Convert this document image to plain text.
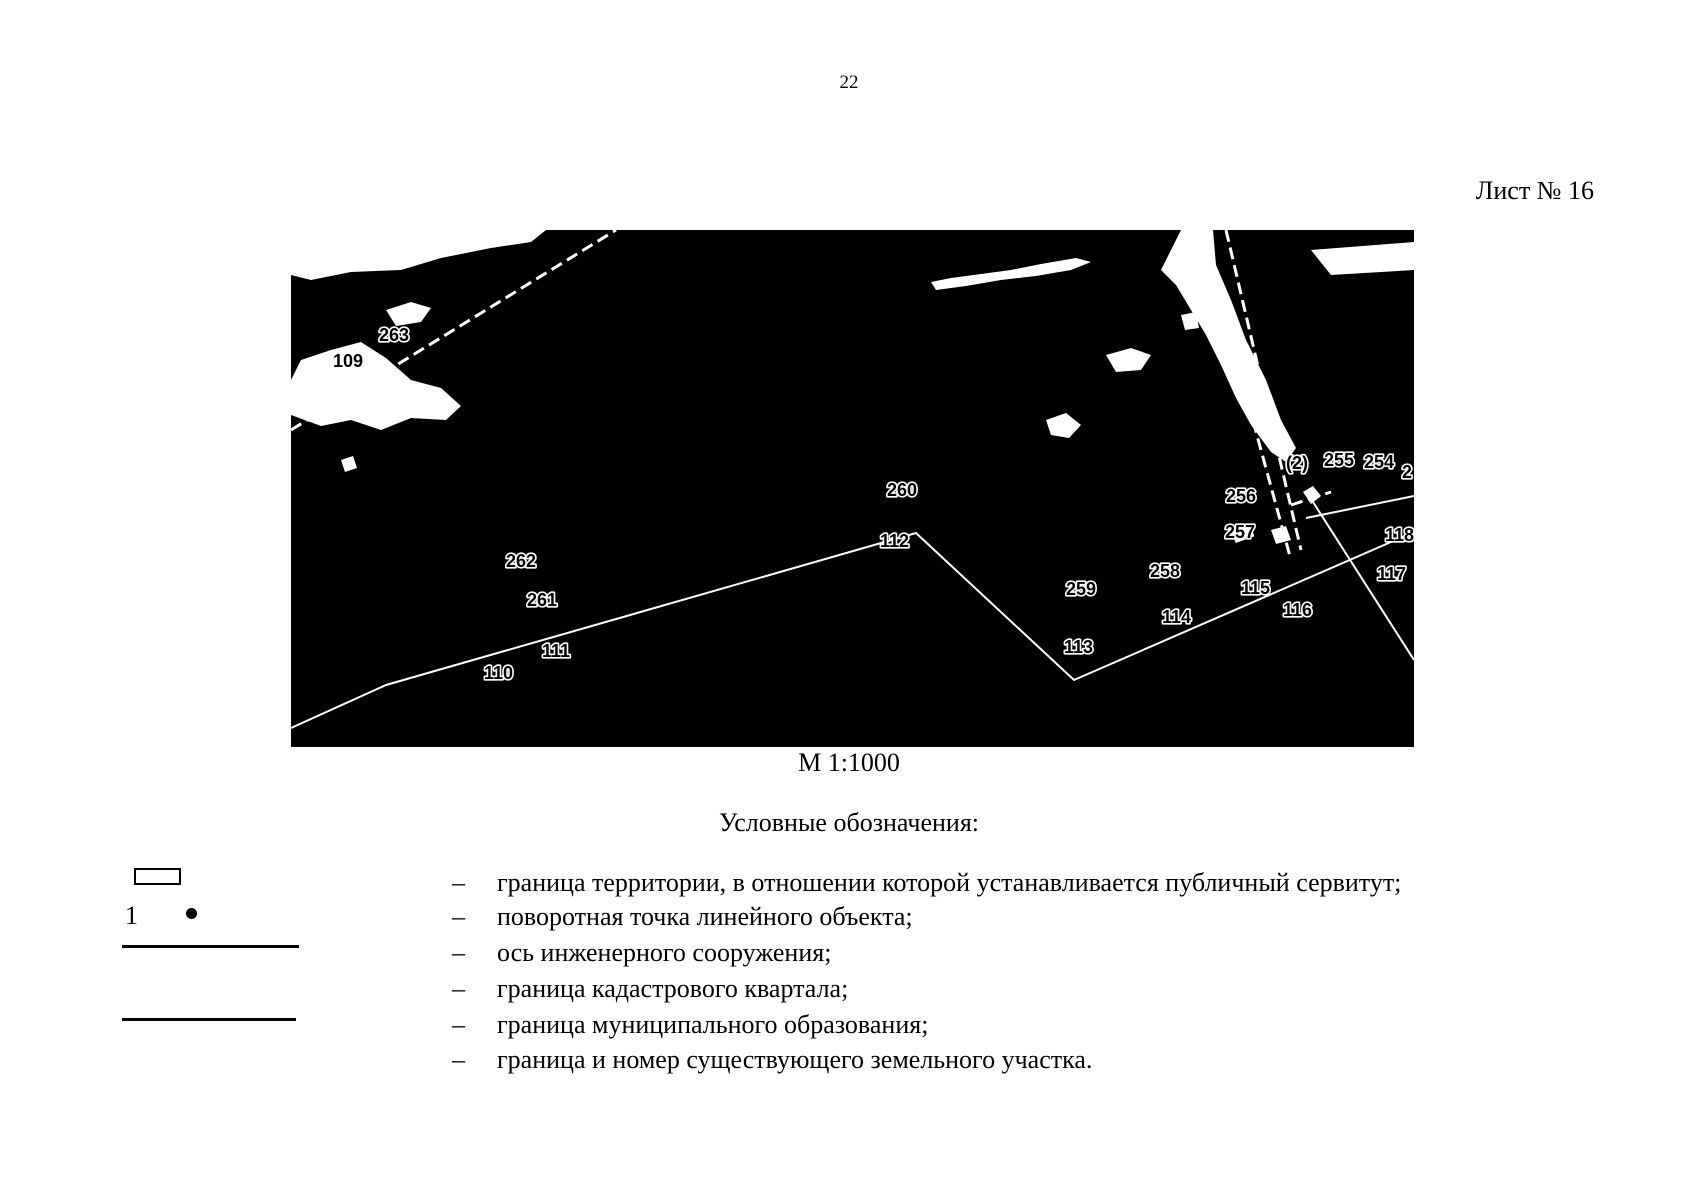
22
Лист № 16
109
263
260
112
262
261
111
110
259
258
113
114
115
116
256
257
(2) 255 254 2
118
117
М 1:1000
Условные обозначения:
1
– граница территории, в отношении которой устанавливается публичный сервитут;
– поворотная точка линейного объекта;
– ось инженерного сооружения;
– граница кадастрового квартала;
– граница муниципального образования;
– граница и номер существующего земельного участка.
